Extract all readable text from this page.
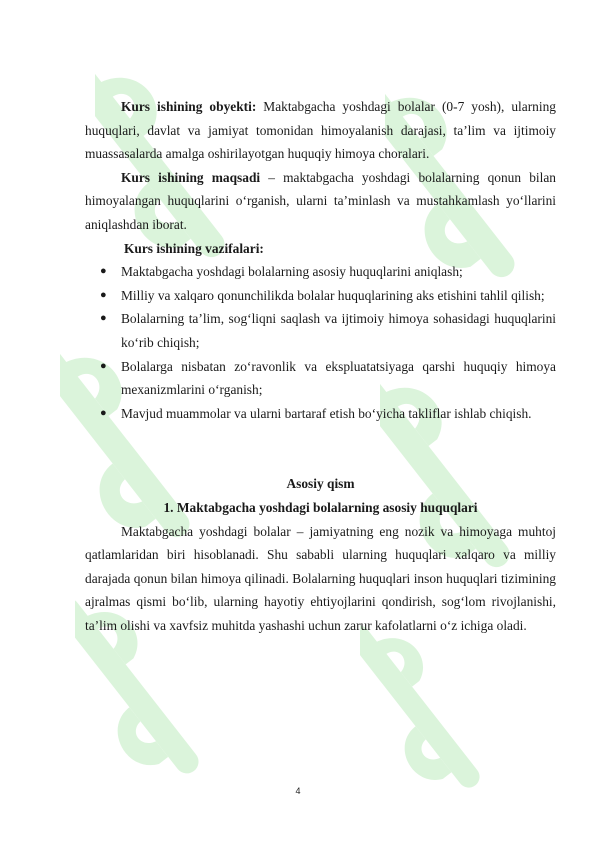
Kurs ishining obyekti: Maktabgacha yoshdagi bolalar (0-7 yosh), ularning huquqlari, davlat va jamiyat tomonidan himoyalanish darajasi, ta’lim va ijtimoiy muassasalarda amalga oshirilayotgan huquqiy himoya choralari.

Kurs ishining maqsadi – maktabgacha yoshdagi bolalarning qonun bilan himoyalangan huquqlarini o‘rganish, ularni ta’minlash va mustahkamlash yo‘llarini aniqlashdan iborat.

Kurs ishining vazifalari:

● Maktabgacha yoshdagi bolalarning asosiy huquqlarini aniqlash;
● Milliy va xalqaro qonunchilikda bolalar huquqlarining aks etishini tahlil qilish;
● Bolalarning ta’lim, sog‘liqni saqlash va ijtimoiy himoya sohasidagi huquqlarini ko‘rib chiqish;
● Bolalarga nisbatan zo‘ravonlik va ekspluatatsiyaga qarshi huquqiy himoya mexanizmlarini o‘rganish;
● Mavjud muammolar va ularni bartaraf etish bo‘yicha takliflar ishlab chiqish.

Asosiy qism

1. Maktabgacha yoshdagi bolalarning asosiy huquqlari

Maktabgacha yoshdagi bolalar – jamiyatning eng nozik va himoyaga muhtoj qatlamlaridan biri hisoblanadi. Shu sababli ularning huquqlari xalqaro va milliy darajada qonun bilan himoya qilinadi. Bolalarning huquqlari inson huquqlari tizimining ajralmas qismi bo‘lib, ularning hayotiy ehtiyojlarini qondirish, sog‘lom rivojlanishi, ta’lim olishi va xavfsiz muhitda yashashi uchun zarur kafolatlarni o‘z ichiga oladi.

4
